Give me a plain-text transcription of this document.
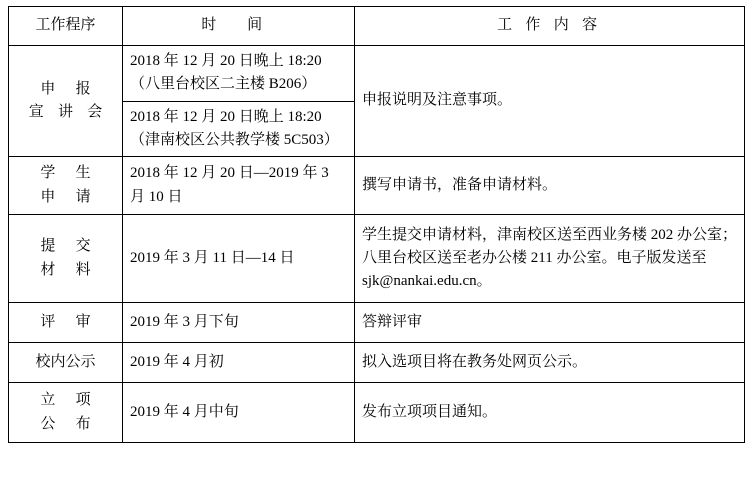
工作程序	时 间	工 作 内 容

申 报
宣 讲 会	2018 年 12 月 20 日晚上 18:20（八里台校区二主楼 B206）	申报说明及注意事项。
	2018 年 12 月 20 日晚上 18:20（津南校区公共教学楼 5C503）	

学 生
申 请	2018 年 12 月 20 日—2019 年 3 月 10 日	撰写申请书，准备申请材料。

提 交
材 料	2019 年 3 月 11 日—14 日	学生提交申请材料，津南校区送至西业务楼 202 办公室；八里台校区送至老办公楼 211 办公室。电子版发送至 sjk@nankai.edu.cn。

评 审	2019 年 3 月下旬	答辩评审

校内公示	2019 年 4 月初	拟入选项目将在教务处网页公示。

立 项
公 布	2019 年 4 月中旬	发布立项项目通知。
